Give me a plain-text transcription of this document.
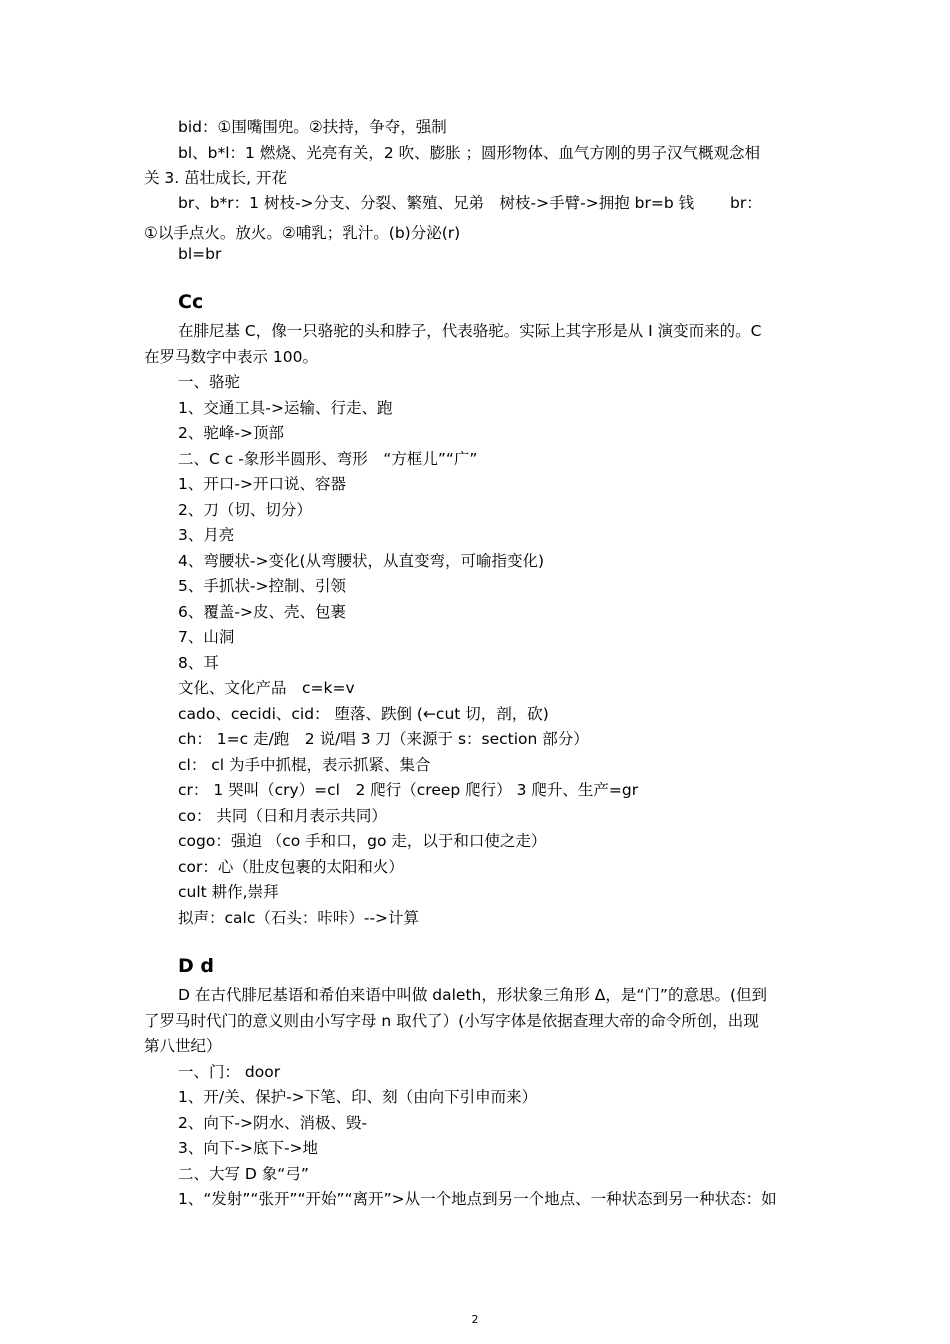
bid：①围嘴围兜。②扶持，争夺，强制
bl、b*l：1 燃烧、光亮有关，2 吹、膨胀 ；圆形物体、血气方刚的男子汉气概观念相
关 3. 茁壮成长, 开花
br、b*r：1 树枝->分支、分裂、繁殖、兄弟　树枝->手臂->拥抱 br=b 钱　　 br：
①以手点火。放火。②哺乳；乳汁。(b)分泌(r)
bl=br
Cc
在腓尼基 C，像一只骆驼的头和脖子，代表骆驼。实际上其字形是从 I 演变而来的。C
在罗马数字中表示 100。
一、骆驼
1、交通工具->运输、行走、跑
2、驼峰->顶部
二、C c -象形半圆形、弯形　“方框儿”“广”
1、开口->开口说、容器
2、刀（切、切分）
3、月亮
4、弯腰状->变化(从弯腰状，从直变弯，可喻指变化)
5、手抓状->控制、引领
6、覆盖->皮、壳、包裹
7、山洞
8、耳
文化、文化产品　c=k=v
cado、cecidi、cid： 堕落、跌倒 (←cut 切，剖，砍)
ch： 1=c 走/跑　2 说/唱 3 刀（来源于 s：section 部分）
cl： cl 为手中抓棍，表示抓紧、集合
cr： 1 哭叫（cry）=cl　2 爬行（creep 爬行） 3 爬升、生产=gr
co： 共同（日和月表示共同）
cogo：强迫 （co 手和口，go 走，以于和口使之走）
cor：心（肚皮包裹的太阳和火）
cult 耕作,崇拜
拟声：calc（石头：咔咔）-->计算
D d
D 在古代腓尼基语和希伯来语中叫做 daleth，形状象三角形 Δ，是“门”的意思。(但到
了罗马时代门的意义则由小写字母 n 取代了）(小写字体是依据查理大帝的命令所创，出现
第八世纪）
一、门： door
1、开/关、保护->下笔、印、刻（由向下引申而来）
2、向下->阴水、消极、毁-
3、向下->底下->地
二、大写 D 象“弓”
1、“发射”“张开”“开始”“离开”>从一个地点到另一个地点、一种状态到另一种状态：如
2
